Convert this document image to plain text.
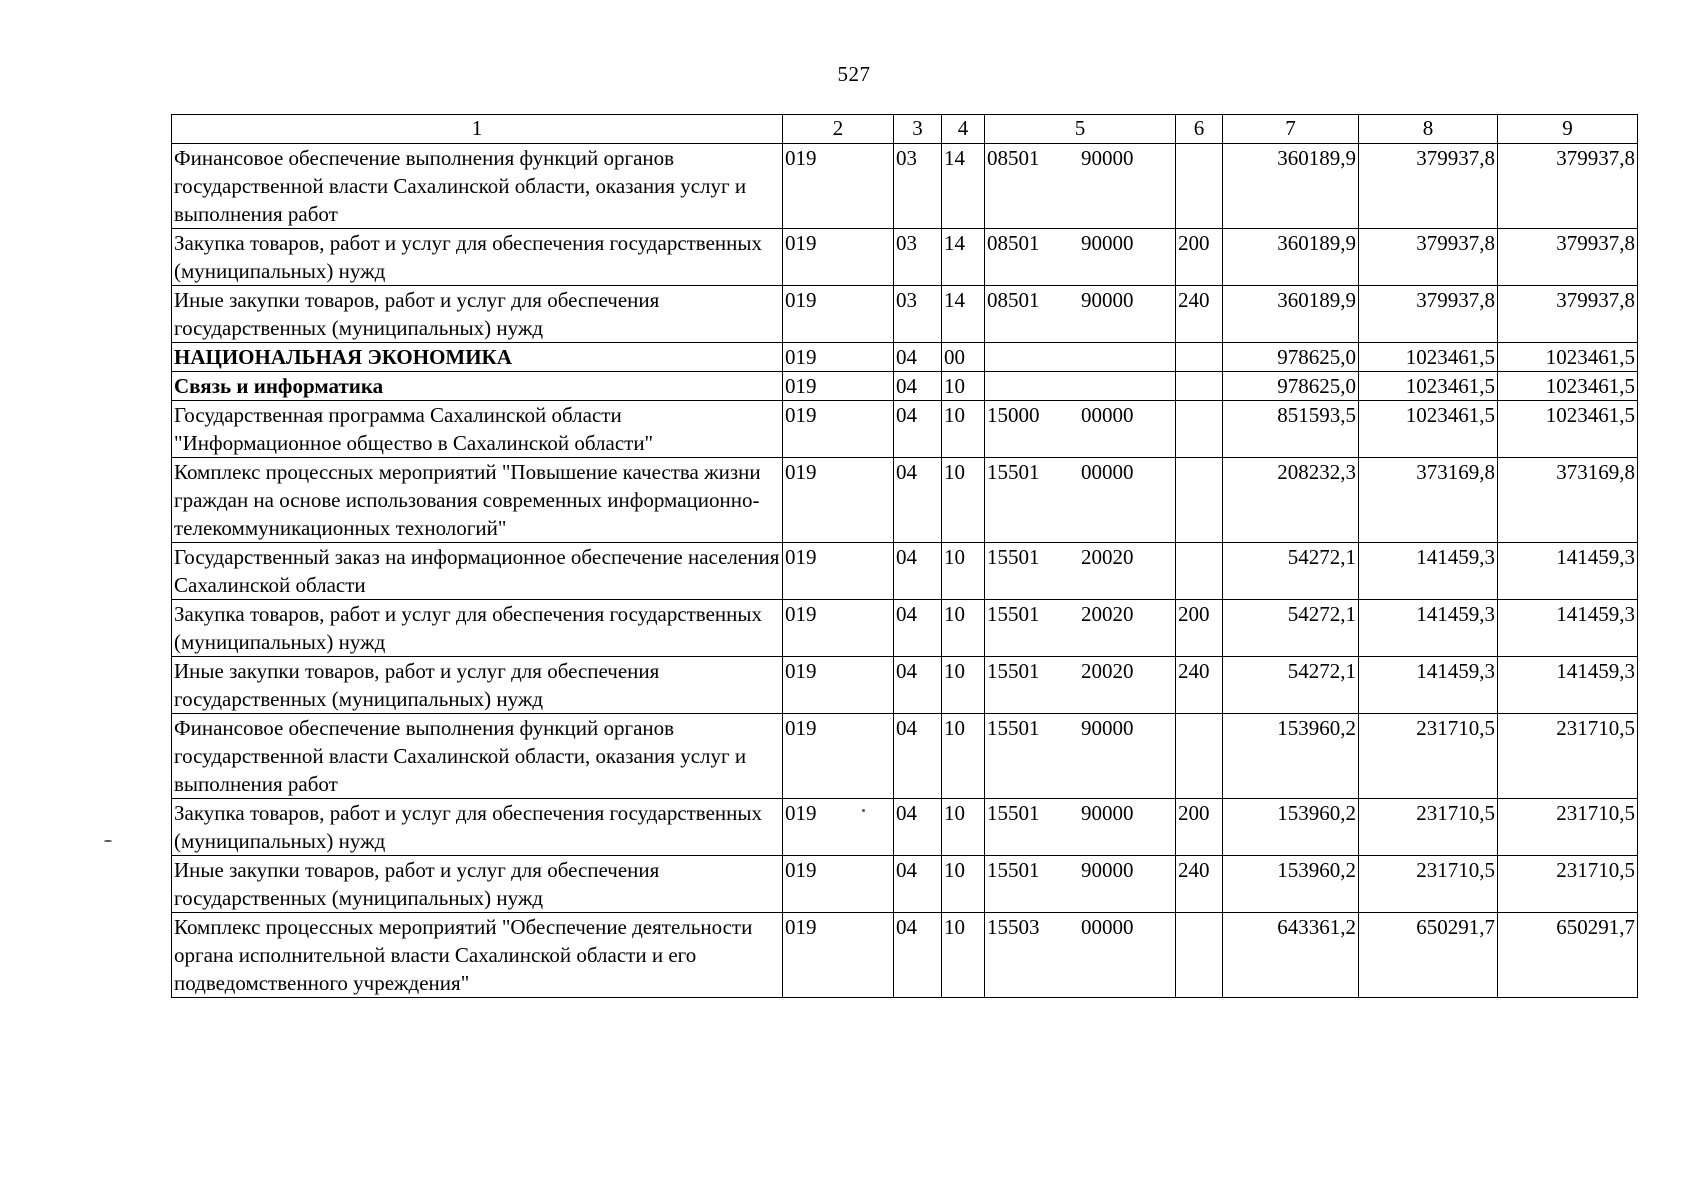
527
1	2	3	4	5	6	7	8	9
Финансовое обеспечение выполнения функций органов государственной власти Сахалинской области, оказания услуг и выполнения работ	019	03	14	08501 90000		360189,9	379937,8	379937,8
Закупка товаров, работ и услуг для обеспечения государственных (муниципальных) нужд	019	03	14	08501 90000	200	360189,9	379937,8	379937,8
Иные закупки товаров, работ и услуг для обеспечения государственных (муниципальных) нужд	019	03	14	08501 90000	240	360189,9	379937,8	379937,8
НАЦИОНАЛЬНАЯ ЭКОНОМИКА	019	04	00			978625,0	1023461,5	1023461,5
Связь и информатика	019	04	10			978625,0	1023461,5	1023461,5
Государственная программа Сахалинской области "Информационное общество в Сахалинской области"	019	04	10	15000 00000		851593,5	1023461,5	1023461,5
Комплекс процессных мероприятий "Повышение качества жизни граждан на основе использования современных информационно-телекоммуникационных технологий"	019	04	10	15501 00000		208232,3	373169,8	373169,8
Государственный заказ на информационное обеспечение населения Сахалинской области	019	04	10	15501 20020		54272,1	141459,3	141459,3
Закупка товаров, работ и услуг для обеспечения государственных (муниципальных) нужд	019	04	10	15501 20020	200	54272,1	141459,3	141459,3
Иные закупки товаров, работ и услуг для обеспечения государственных (муниципальных) нужд	019	04	10	15501 20020	240	54272,1	141459,3	141459,3
Финансовое обеспечение выполнения функций органов государственной власти Сахалинской области, оказания услуг и выполнения работ	019	04	10	15501 90000		153960,2	231710,5	231710,5
Закупка товаров, работ и услуг для обеспечения государственных (муниципальных) нужд	019	04	10	15501 90000	200	153960,2	231710,5	231710,5
Иные закупки товаров, работ и услуг для обеспечения государственных (муниципальных) нужд	019	04	10	15501 90000	240	153960,2	231710,5	231710,5
Комплекс процессных мероприятий "Обеспечение деятельности органа исполнительной власти Сахалинской области и его подведомственного учреждения"	019	04	10	15503 00000		643361,2	650291,7	650291,7
